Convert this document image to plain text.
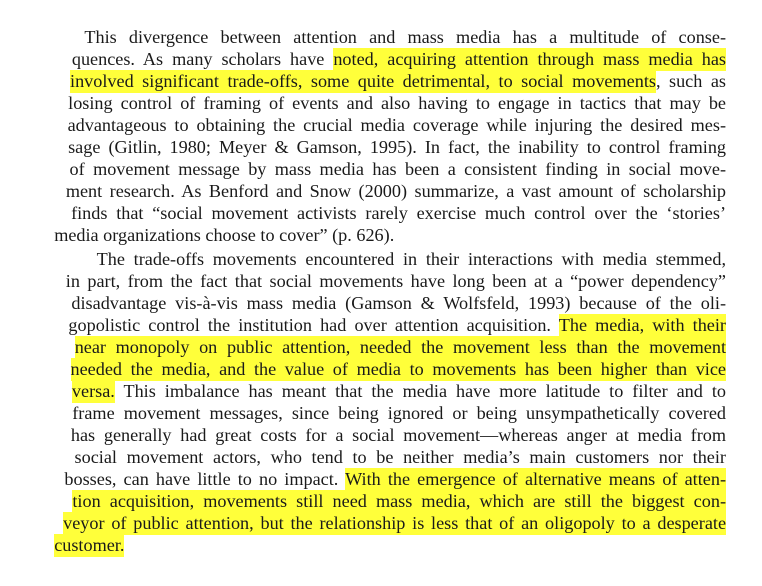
This divergence between attention and mass media has a multitude of conse-

quences. As many scholars have noted, acquiring attention through mass media has

involved significant trade-offs, some quite detrimental, to social movements, such as

losing control of framing of events and also having to engage in tactics that may be

advantageous to obtaining the crucial media coverage while injuring the desired mes-

sage (Gitlin, 1980; Meyer & Gamson, 1995). In fact, the inability to control framing

of movement message by mass media has been a consistent finding in social move-

ment research. As Benford and Snow (2000) summarize, a vast amount of scholarship

finds that “social movement activists rarely exercise much control over the ‘stories’

media organizations choose to cover” (p. 626).

The trade-offs movements encountered in their interactions with media stemmed,

in part, from the fact that social movements have long been at a “power dependency”

disadvantage vis-à-vis mass media (Gamson & Wolfsfeld, 1993) because of the oli-

gopolistic control the institution had over attention acquisition. The media, with their

near monopoly on public attention, needed the movement less than the movement

needed the media, and the value of media to movements has been higher than vice

versa. This imbalance has meant that the media have more latitude to filter and to

frame movement messages, since being ignored or being unsympathetically covered

has generally had great costs for a social movement—whereas anger at media from

social movement actors, who tend to be neither media’s main customers nor their

bosses, can have little to no impact. With the emergence of alternative means of atten-

tion acquisition, movements still need mass media, which are still the biggest con-

veyor of public attention, but the relationship is less that of an oligopoly to a desperate

customer.
